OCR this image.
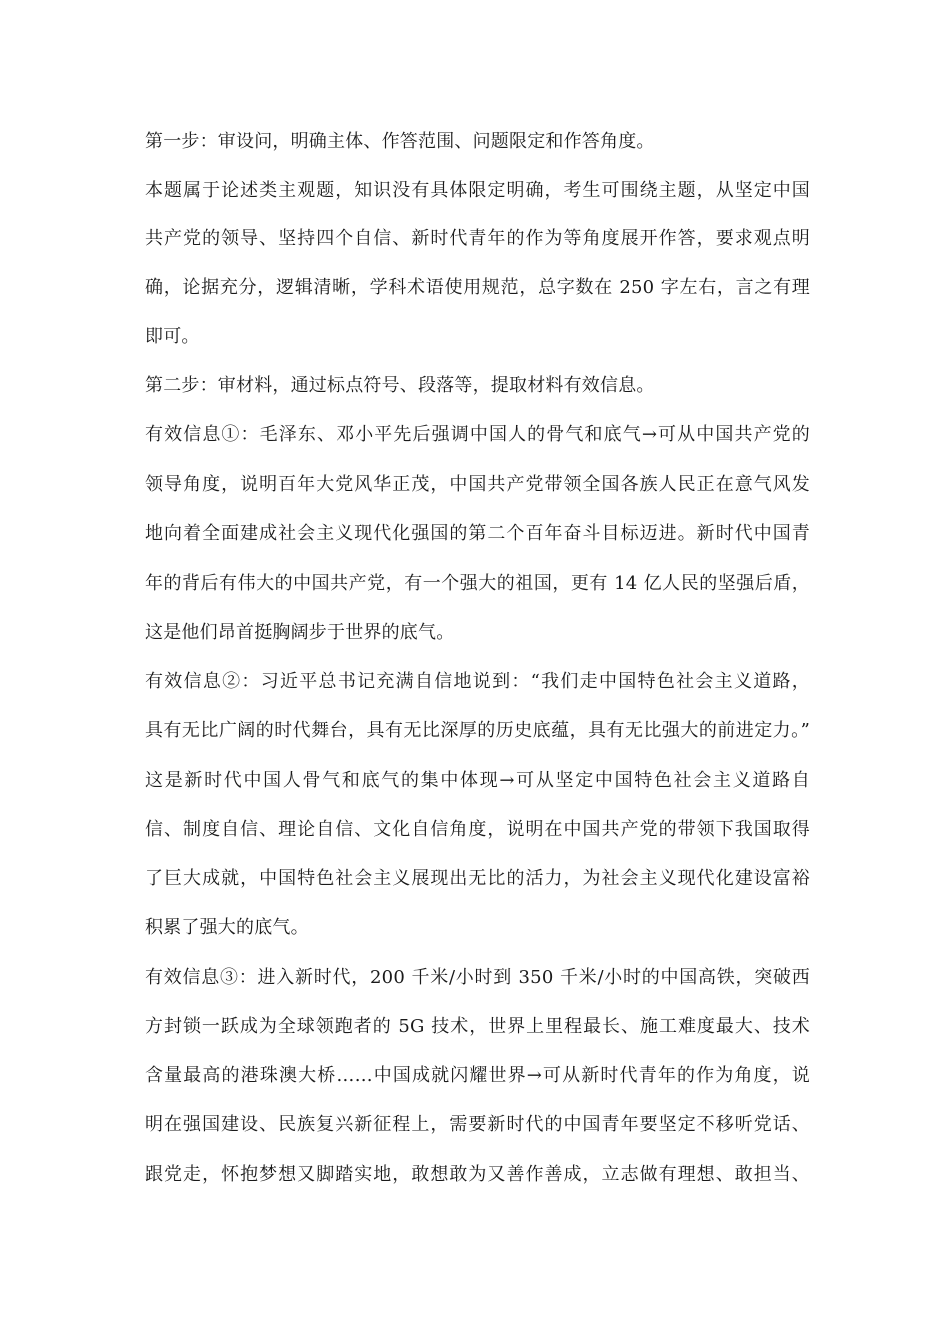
第一步：审设问，明确主体、作答范围、问题限定和作答角度。
本题属于论述类主观题，知识没有具体限定明确，考生可围绕主题，从坚定中国
共产党的领导、坚持四个自信、新时代青年的作为等角度展开作答，要求观点明
确，论据充分，逻辑清晰，学科术语使用规范，总字数在 250 字左右，言之有理
即可。
第二步：审材料，通过标点符号、段落等，提取材料有效信息。
有效信息①：毛泽东、邓小平先后强调中国人的骨气和底气→可从中国共产党的
领导角度，说明百年大党风华正茂，中国共产党带领全国各族人民正在意气风发
地向着全面建成社会主义现代化强国的第二个百年奋斗目标迈进。新时代中国青
年的背后有伟大的中国共产党，有一个强大的祖国，更有 14 亿人民的坚强后盾，
这是他们昂首挺胸阔步于世界的底气。
有效信息②：习近平总书记充满自信地说到：“我们走中国特色社会主义道路，
具有无比广阔的时代舞台，具有无比深厚的历史底蕴，具有无比强大的前进定力。”
这是新时代中国人骨气和底气的集中体现→可从坚定中国特色社会主义道路自
信、制度自信、理论自信、文化自信角度，说明在中国共产党的带领下我国取得
了巨大成就，中国特色社会主义展现出无比的活力，为社会主义现代化建设富裕
积累了强大的底气。
有效信息③：进入新时代，200 千米/小时到 350 千米/小时的中国高铁，突破西
方封锁一跃成为全球领跑者的 5G 技术，世界上里程最长、施工难度最大、技术
含量最高的港珠澳大桥……中国成就闪耀世界→可从新时代青年的作为角度，说
明在强国建设、民族复兴新征程上，需要新时代的中国青年要坚定不移听党话、
跟党走，怀抱梦想又脚踏实地，敢想敢为又善作善成，立志做有理想、敢担当、
